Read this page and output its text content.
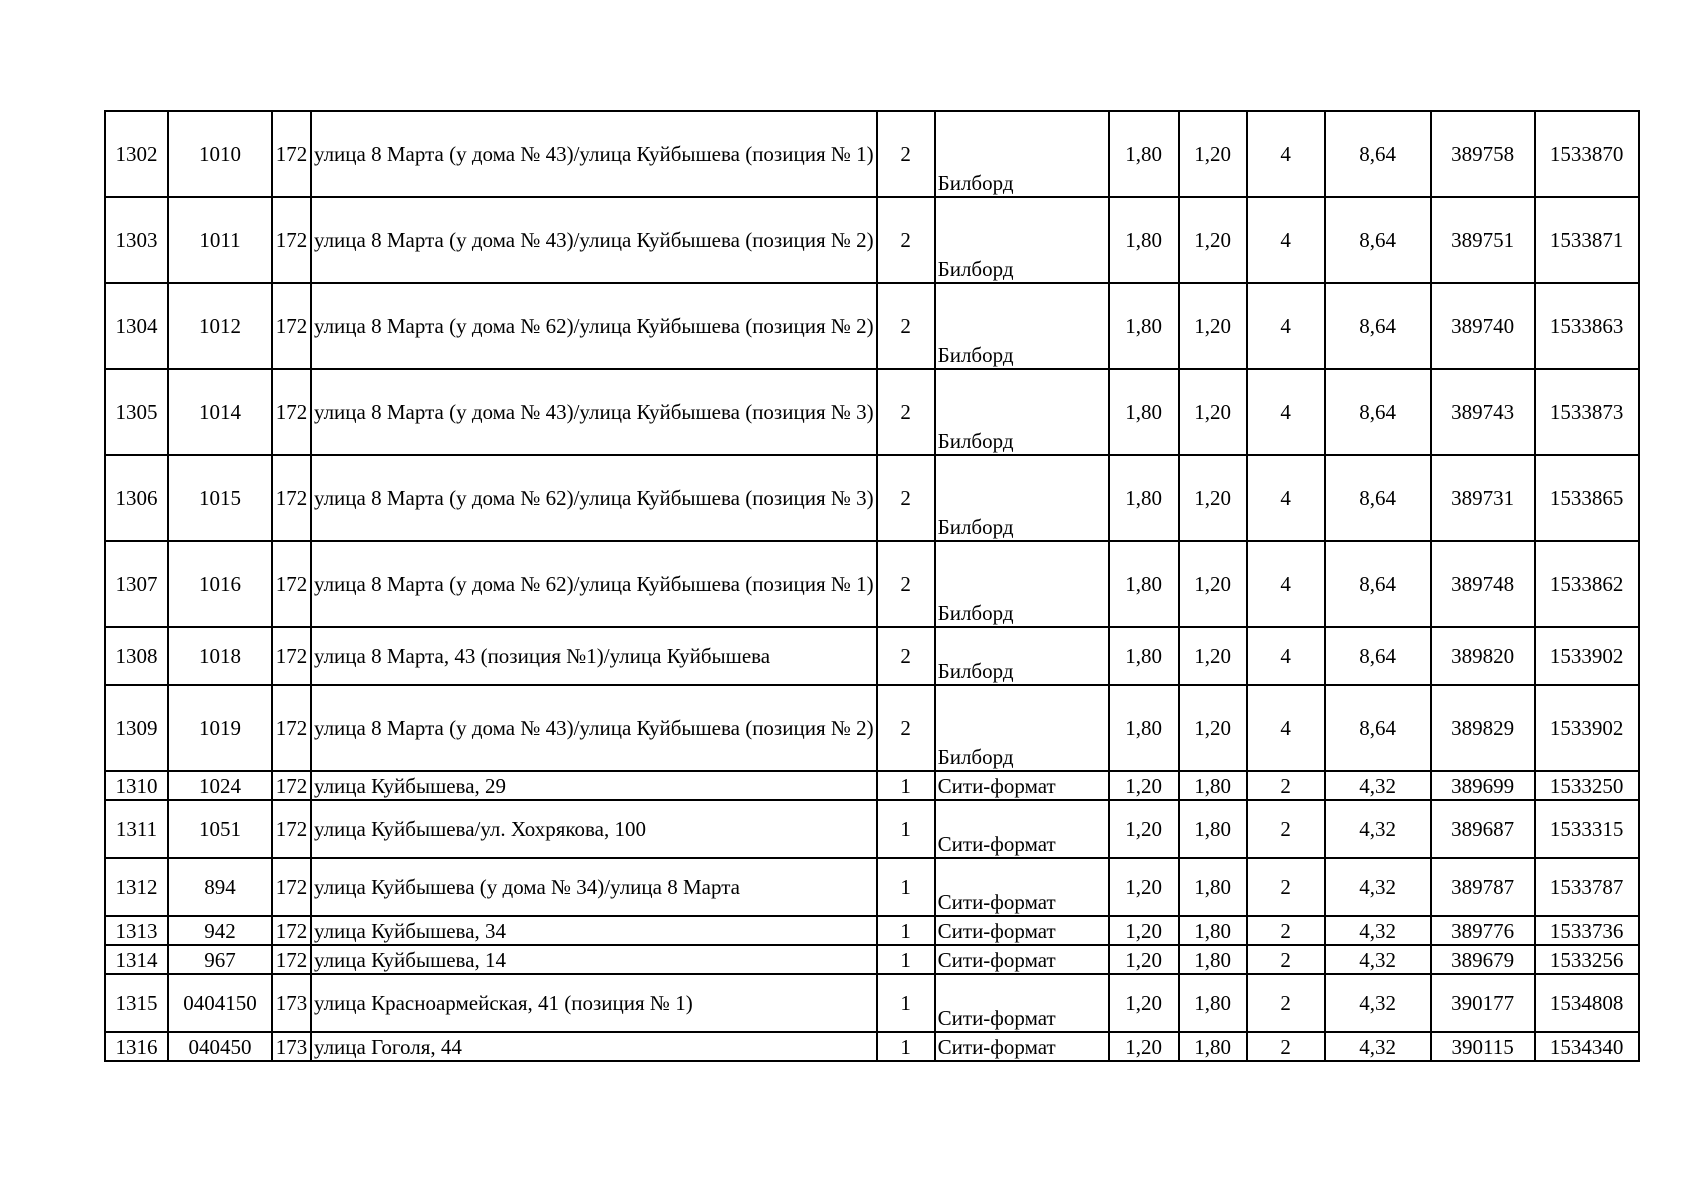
1302	1010	172	улица 8 Марта (у дома № 43)/улица Куйбышева (позиция № 1)	2	Билборд	1,80	1,20	4	8,64	389758	1533870
1303	1011	172	улица 8 Марта (у дома № 43)/улица Куйбышева (позиция № 2)	2	Билборд	1,80	1,20	4	8,64	389751	1533871
1304	1012	172	улица 8 Марта (у дома № 62)/улица Куйбышева (позиция № 2)	2	Билборд	1,80	1,20	4	8,64	389740	1533863
1305	1014	172	улица 8 Марта (у дома № 43)/улица Куйбышева (позиция № 3)	2	Билборд	1,80	1,20	4	8,64	389743	1533873
1306	1015	172	улица 8 Марта (у дома № 62)/улица Куйбышева (позиция № 3)	2	Билборд	1,80	1,20	4	8,64	389731	1533865
1307	1016	172	улица 8 Марта (у дома № 62)/улица Куйбышева (позиция № 1)	2	Билборд	1,80	1,20	4	8,64	389748	1533862
1308	1018	172	улица 8 Марта, 43 (позиция №1)/улица Куйбышева	2	Билборд	1,80	1,20	4	8,64	389820	1533902
1309	1019	172	улица 8 Марта (у дома № 43)/улица Куйбышева (позиция № 2)	2	Билборд	1,80	1,20	4	8,64	389829	1533902
1310	1024	172	улица Куйбышева, 29	1	Сити-формат	1,20	1,80	2	4,32	389699	1533250
1311	1051	172	улица Куйбышева/ул. Хохрякова, 100	1	Сити-формат	1,20	1,80	2	4,32	389687	1533315
1312	894	172	улица Куйбышева (у дома № 34)/улица 8 Марта	1	Сити-формат	1,20	1,80	2	4,32	389787	1533787
1313	942	172	улица Куйбышева, 34	1	Сити-формат	1,20	1,80	2	4,32	389776	1533736
1314	967	172	улица Куйбышева, 14	1	Сити-формат	1,20	1,80	2	4,32	389679	1533256
1315	0404150	173	улица Красноармейская, 41 (позиция № 1)	1	Сити-формат	1,20	1,80	2	4,32	390177	1534808
1316	040450	173	улица Гоголя, 44	1	Сити-формат	1,20	1,80	2	4,32	390115	1534340
